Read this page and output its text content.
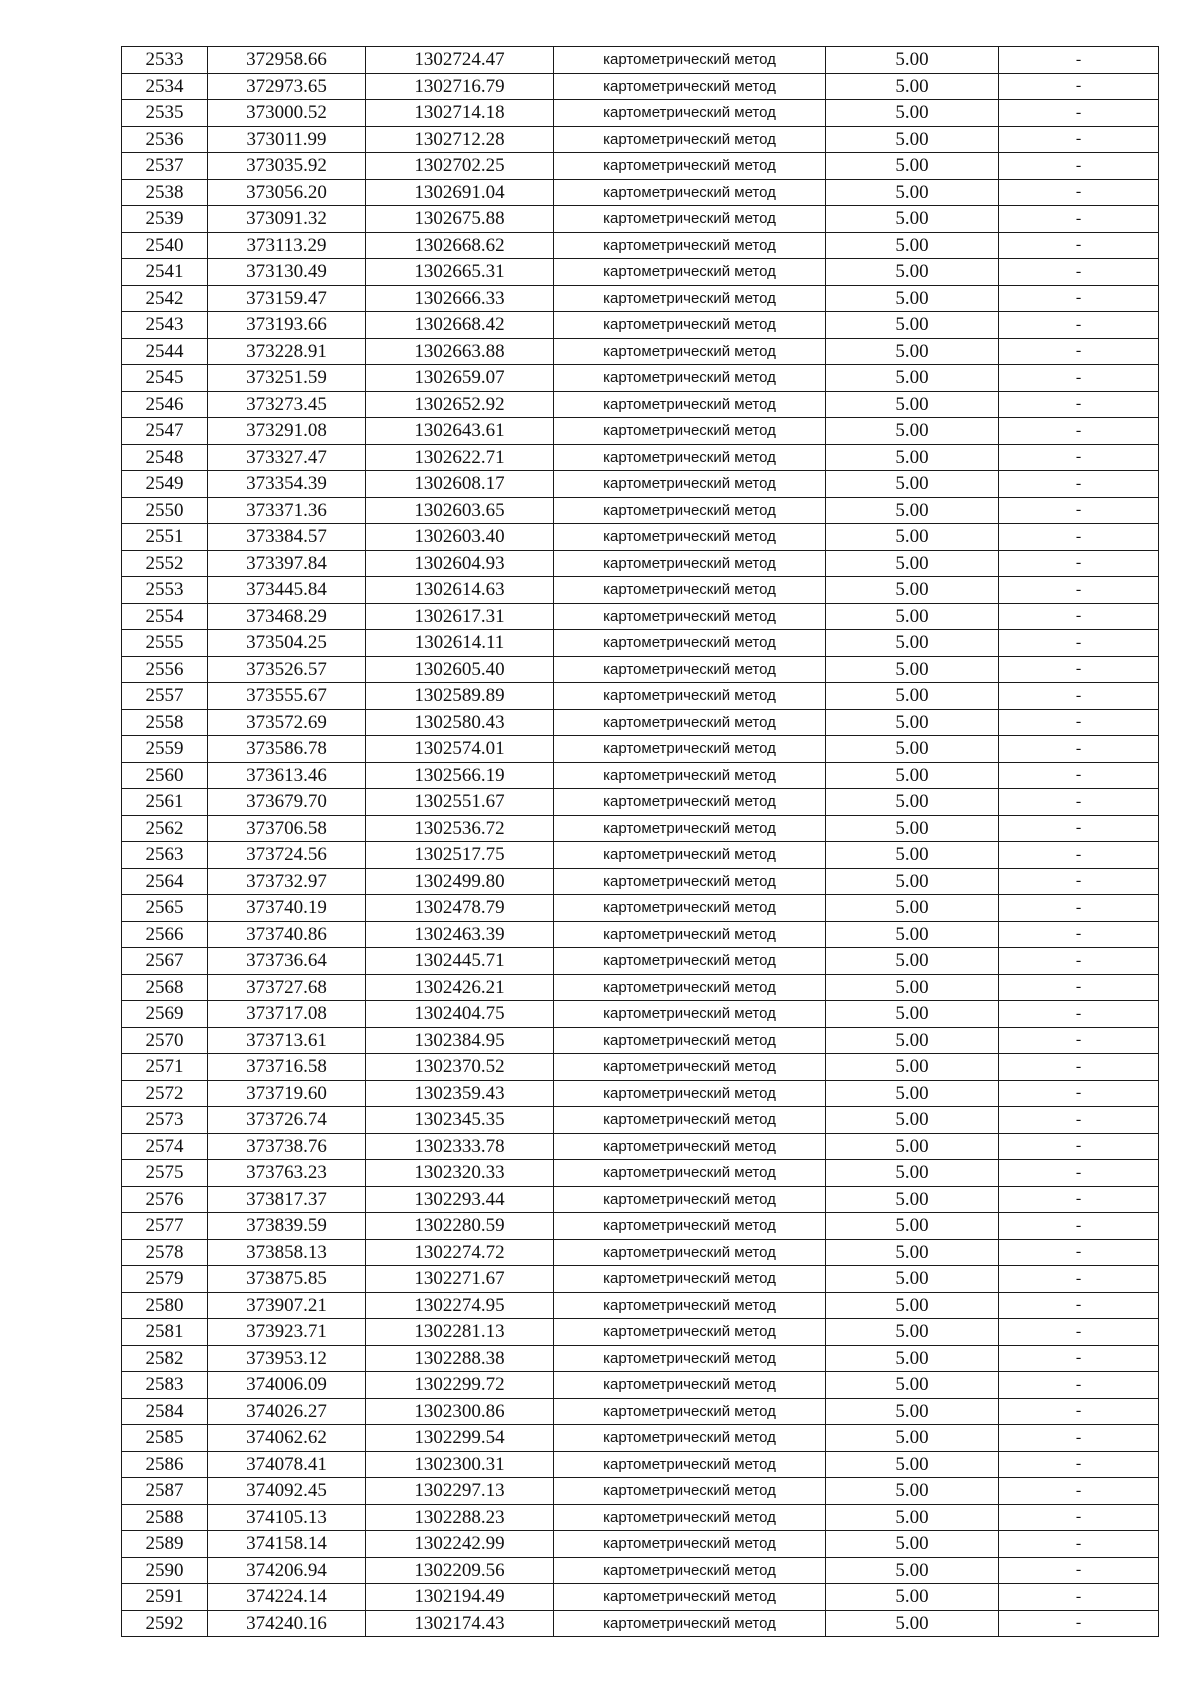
2533	372958.66	1302724.47	картометрический метод	5.00	-
2534	372973.65	1302716.79	картометрический метод	5.00	-
2535	373000.52	1302714.18	картометрический метод	5.00	-
2536	373011.99	1302712.28	картометрический метод	5.00	-
2537	373035.92	1302702.25	картометрический метод	5.00	-
2538	373056.20	1302691.04	картометрический метод	5.00	-
2539	373091.32	1302675.88	картометрический метод	5.00	-
2540	373113.29	1302668.62	картометрический метод	5.00	-
2541	373130.49	1302665.31	картометрический метод	5.00	-
2542	373159.47	1302666.33	картометрический метод	5.00	-
2543	373193.66	1302668.42	картометрический метод	5.00	-
2544	373228.91	1302663.88	картометрический метод	5.00	-
2545	373251.59	1302659.07	картометрический метод	5.00	-
2546	373273.45	1302652.92	картометрический метод	5.00	-
2547	373291.08	1302643.61	картометрический метод	5.00	-
2548	373327.47	1302622.71	картометрический метод	5.00	-
2549	373354.39	1302608.17	картометрический метод	5.00	-
2550	373371.36	1302603.65	картометрический метод	5.00	-
2551	373384.57	1302603.40	картометрический метод	5.00	-
2552	373397.84	1302604.93	картометрический метод	5.00	-
2553	373445.84	1302614.63	картометрический метод	5.00	-
2554	373468.29	1302617.31	картометрический метод	5.00	-
2555	373504.25	1302614.11	картометрический метод	5.00	-
2556	373526.57	1302605.40	картометрический метод	5.00	-
2557	373555.67	1302589.89	картометрический метод	5.00	-
2558	373572.69	1302580.43	картометрический метод	5.00	-
2559	373586.78	1302574.01	картометрический метод	5.00	-
2560	373613.46	1302566.19	картометрический метод	5.00	-
2561	373679.70	1302551.67	картометрический метод	5.00	-
2562	373706.58	1302536.72	картометрический метод	5.00	-
2563	373724.56	1302517.75	картометрический метод	5.00	-
2564	373732.97	1302499.80	картометрический метод	5.00	-
2565	373740.19	1302478.79	картометрический метод	5.00	-
2566	373740.86	1302463.39	картометрический метод	5.00	-
2567	373736.64	1302445.71	картометрический метод	5.00	-
2568	373727.68	1302426.21	картометрический метод	5.00	-
2569	373717.08	1302404.75	картометрический метод	5.00	-
2570	373713.61	1302384.95	картометрический метод	5.00	-
2571	373716.58	1302370.52	картометрический метод	5.00	-
2572	373719.60	1302359.43	картометрический метод	5.00	-
2573	373726.74	1302345.35	картометрический метод	5.00	-
2574	373738.76	1302333.78	картометрический метод	5.00	-
2575	373763.23	1302320.33	картометрический метод	5.00	-
2576	373817.37	1302293.44	картометрический метод	5.00	-
2577	373839.59	1302280.59	картометрический метод	5.00	-
2578	373858.13	1302274.72	картометрический метод	5.00	-
2579	373875.85	1302271.67	картометрический метод	5.00	-
2580	373907.21	1302274.95	картометрический метод	5.00	-
2581	373923.71	1302281.13	картометрический метод	5.00	-
2582	373953.12	1302288.38	картометрический метод	5.00	-
2583	374006.09	1302299.72	картометрический метод	5.00	-
2584	374026.27	1302300.86	картометрический метод	5.00	-
2585	374062.62	1302299.54	картометрический метод	5.00	-
2586	374078.41	1302300.31	картометрический метод	5.00	-
2587	374092.45	1302297.13	картометрический метод	5.00	-
2588	374105.13	1302288.23	картометрический метод	5.00	-
2589	374158.14	1302242.99	картометрический метод	5.00	-
2590	374206.94	1302209.56	картометрический метод	5.00	-
2591	374224.14	1302194.49	картометрический метод	5.00	-
2592	374240.16	1302174.43	картометрический метод	5.00	-
